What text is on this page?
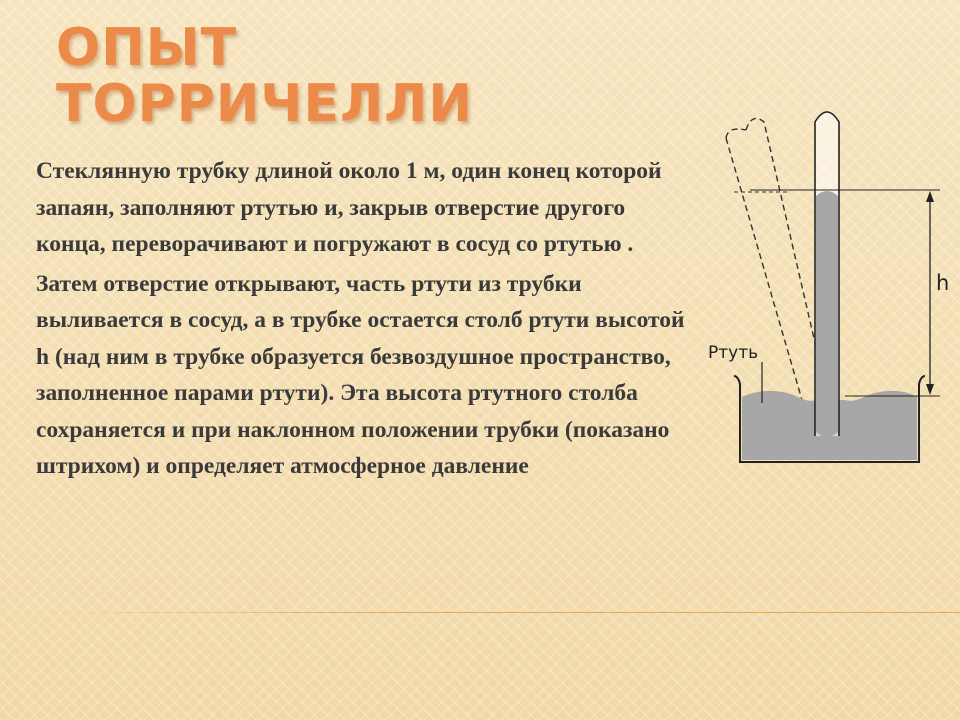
ОПЫТ
ТОРРИЧЕЛЛИ

Стеклянную трубку длиной около 1 м, один конец которой запаян, заполняют ртутью и, закрыв отверстие другого конца, переворачивают и погружают в сосуд со ртутью .

Затем отверстие открывают, часть ртути из трубки выливается в сосуд, а в трубке остается столб ртути высотой h (над ним в трубке образуется безвоздушное пространство, заполненное парами ртути). Эта высота ртутного столба сохраняется и при наклонном положении трубки (показано штрихом) и определяет атмосферное давление

Ртуть
h
